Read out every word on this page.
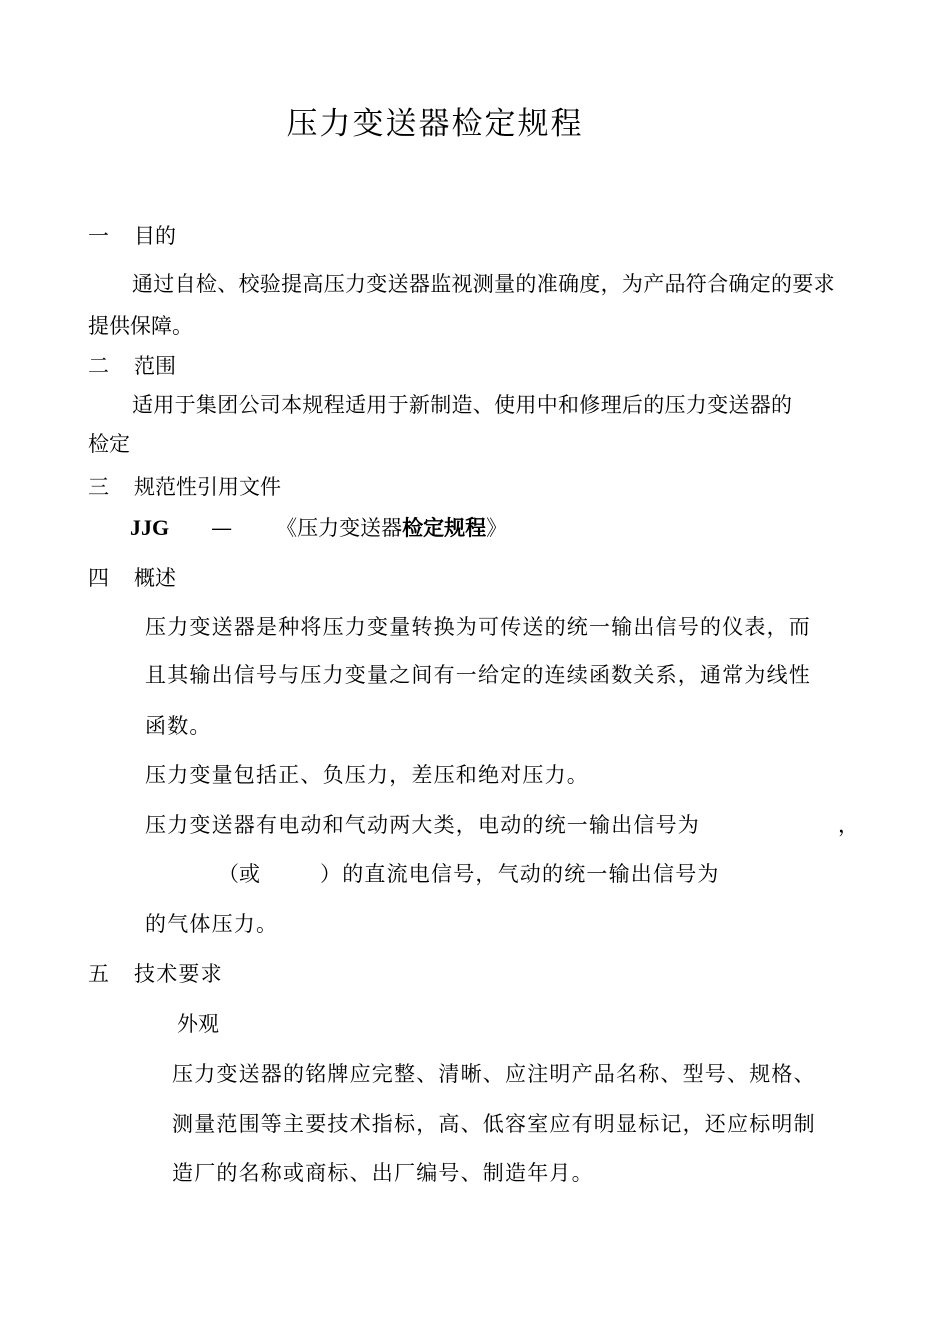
压力变送器检定规程
一 目的
通过自检、校验提高压力变送器监视测量的准确度，为产品符合确定的要求
提供保障。
二 范围
适用于集团公司本规程适用于新制造、使用中和修理后的压力变送器的
检定
三 规范性引用文件
JJG — 《压力变送器检定规程》
四 概述
压力变送器是种将压力变量转换为可传送的统一输出信号的仪表，而
且其输出信号与压力变量之间有一给定的连续函数关系，通常为线性
函数。
压力变量包括正、负压力，差压和绝对压力。
压力变送器有电动和气动两大类，电动的统一输出信号为	，
（或	）的直流电信号，气动的统一输出信号为
的气体压力。
五 技术要求
外观
压力变送器的铭牌应完整、清晰、应注明产品名称、型号、规格、
测量范围等主要技术指标，高、低容室应有明显标记，还应标明制
造厂的名称或商标、出厂编号、制造年月。
